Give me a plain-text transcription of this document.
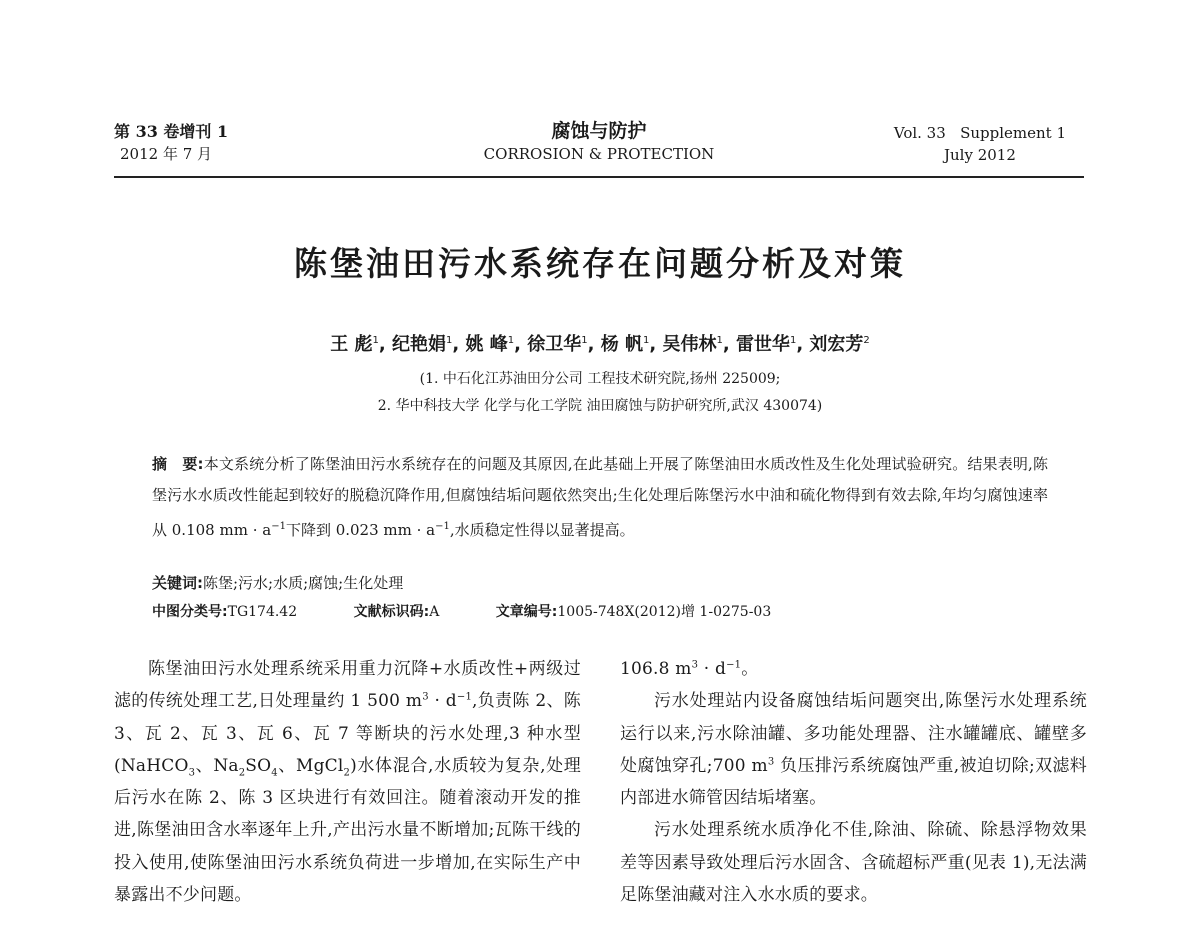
第 33 卷增刊 1
2012 年 7 月
腐蚀与防护
CORROSION & PROTECTION
Vol. 33   Supplement 1
July 2012
陈堡油田污水系统存在问题分析及对策
王 彪$^1$, 纪艳娟$^1$, 姚 峰$^1$, 徐卫华$^1$, 杨 帆$^1$, 吴伟林$^1$, 雷世华$^1$, 刘宏芳$^2$
(1. 中石化江苏油田分公司 工程技术研究院,扬州 225009;
2. 华中科技大学 化学与化工学院 油田腐蚀与防护研究所,武汉 430074)
摘　要:本文系统分析了陈堡油田污水系统存在的问题及其原因,在此基础上开展了陈堡油田水质改性及生化处理试验研究。结果表明,陈堡污水水质改性能起到较好的脱稳沉降作用,但腐蚀结垢问题依然突出;生化处理后陈堡污水中油和硫化物得到有效去除,年均匀腐蚀速率从 0.108 mm · $a^{-1}$下降到 0.023 mm · $a^{-1}$,水质稳定性得以显著提高。
关键词:陈堡;污水;水质;腐蚀;生化处理
中图分类号:TG174.42	文献标识码:A	文章编号:1005-748X(2012)增 1-0275-03

陈堡油田污水处理系统采用重力沉降+水质改性+两级过滤的传统处理工艺,日处理量约 1 500 $m^3 \cdot d^{-1}$,负责陈 2、陈 3、瓦 2、瓦 3、瓦 6、瓦 7 等断块的污水处理,3 种水型(NaHCO$_3$、$Na_2SO_4$、MgCl$_2$)水体混合,水质较为复杂,处理后污水在陈 2、陈 3 区块进行有效回注。随着滚动开发的推进,陈堡油田含水率逐年上升,产出污水量不断增加;瓦陈干线的投入使用,使陈堡油田污水系统负荷进一步增加,在实际生产中暴露出不少问题。

106.8 $m^3 \cdot d^{-1}$。

污水处理站内设备腐蚀结垢问题突出,陈堡污水处理系统运行以来,污水除油罐、多功能处理器、注水罐罐底、罐壁多处腐蚀穿孔;700 $m^3$ 负压排污系统腐蚀严重,被迫切除;双滤料内部进水筛管因结垢堵塞。

污水处理系统水质净化不佳,除油、除硫、除悬浮物效果差等因素导致处理后污水固含、含硫超标严重(见表 1),无法满足陈堡油藏对注入水水质的要求。
